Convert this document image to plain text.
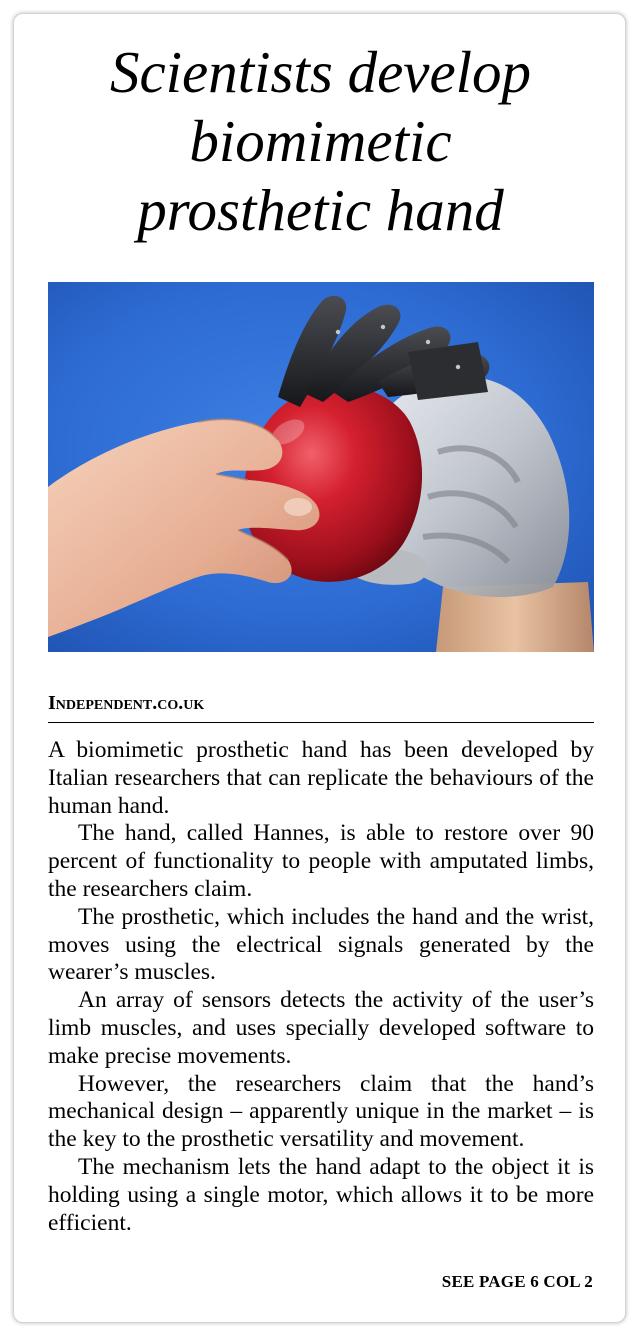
Scientists develop
biomimetic
prosthetic hand
Independent.co.uk

A biomimetic prosthetic hand has been developed by Italian researchers that can replicate the behaviours of the human hand.

The hand, called Hannes, is able to restore over 90 percent of functionality to people with amputated limbs, the researchers claim.

The prosthetic, which includes the hand and the wrist, moves using the electrical signals generated by the wearer’s muscles.

An array of sensors detects the activity of the user’s limb muscles, and uses specially developed software to make precise movements.

However, the researchers claim that the hand’s mechanical design – apparently unique in the market – is the key to the prosthetic versatility and movement.

The mechanism lets the hand adapt to the object it is holding using a single motor, which allows it to be more efficient.

SEE PAGE 6 COL 2
